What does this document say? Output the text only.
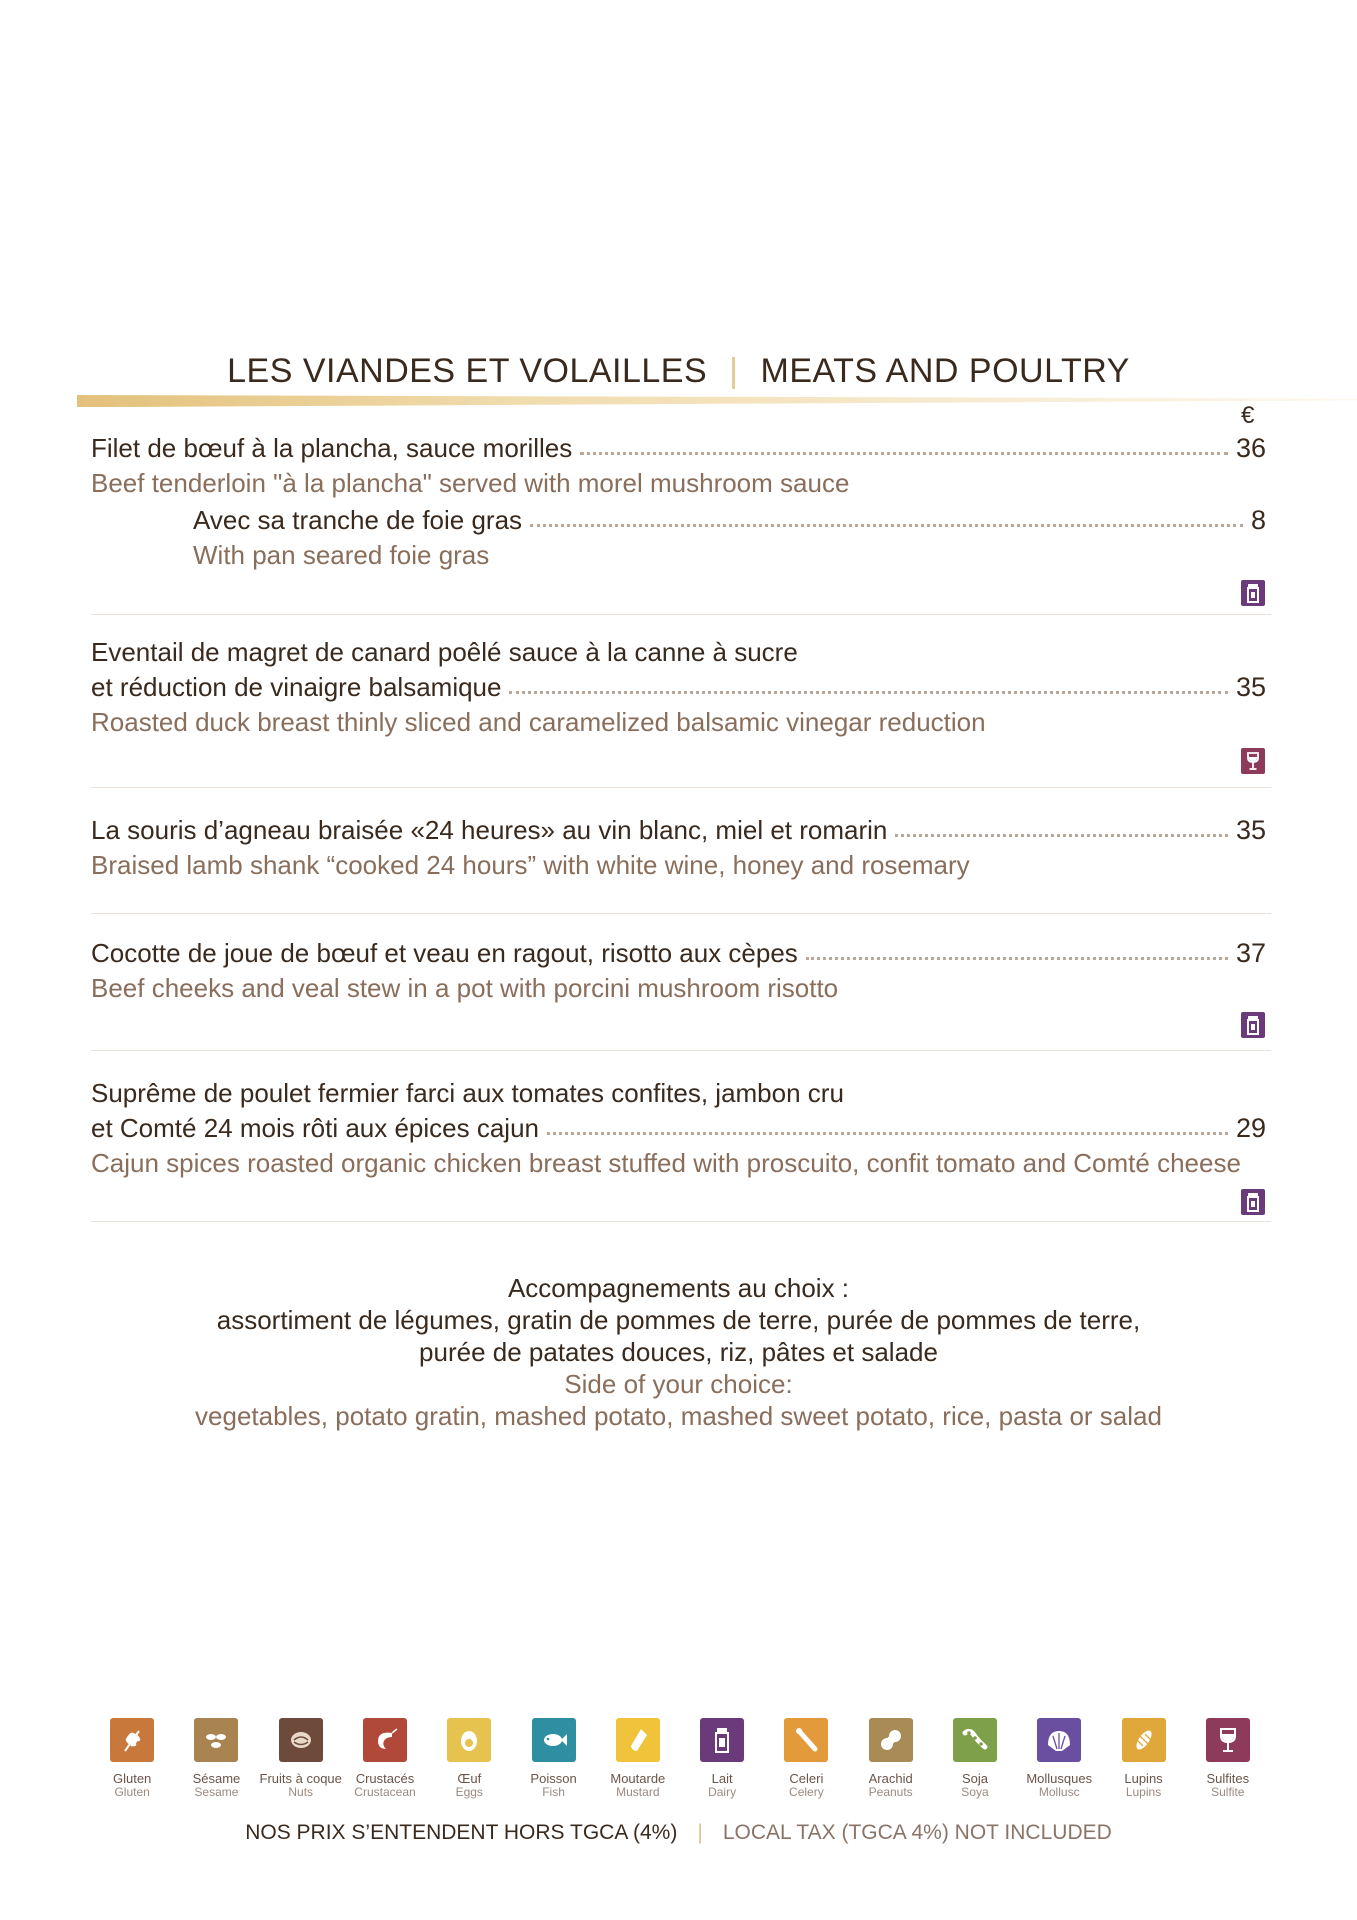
LES VIANDES ET VOLAILLES | MEATS AND POULTRY
€
Filet de bœuf à la plancha, sauce morilles	36
Beef tenderloin "à la plancha" served with morel mushroom sauce
Avec sa tranche de foie gras	8
With pan seared foie gras
Eventail de magret de canard poêlé sauce à la canne à sucre
et réduction de vinaigre balsamique	35
Roasted duck breast thinly sliced and caramelized balsamic vinegar reduction
La souris d’agneau braisée «24 heures» au vin blanc, miel et romarin	35
Braised lamb shank “cooked 24 hours” with white wine, honey and rosemary
Cocotte de joue de bœuf et veau en ragout, risotto aux cèpes	37
Beef cheeks and veal stew in a pot with porcini mushroom risotto
Suprême de poulet fermier farci aux tomates confites, jambon cru
et Comté 24 mois rôti aux épices cajun	29
Cajun spices roasted organic chicken breast stuffed with proscuito, confit tomato and Comté cheese
Accompagnements au choix :
assortiment de légumes, gratin de pommes de terre, purée de pommes de terre,
purée de patates douces, riz, pâtes et salade
Side of your choice:
vegetables, potato gratin, mashed potato, mashed sweet potato, rice, pasta or salad
Gluten
Gluten
Sésame
Sesame
Fruits à coque
Nuts
Crustacés
Crustacean
Œuf
Eggs
Poisson
Fish
Moutarde
Mustard
Lait
Dairy
Celeri
Celery
Arachid
Peanuts
Soja
Soya
Mollusques
Mollusc
Lupins
Lupins
Sulfites
Sulfite
NOS PRIX S’ENTENDENT HORS TGCA (4%) | LOCAL TAX (TGCA 4%) NOT INCLUDED
